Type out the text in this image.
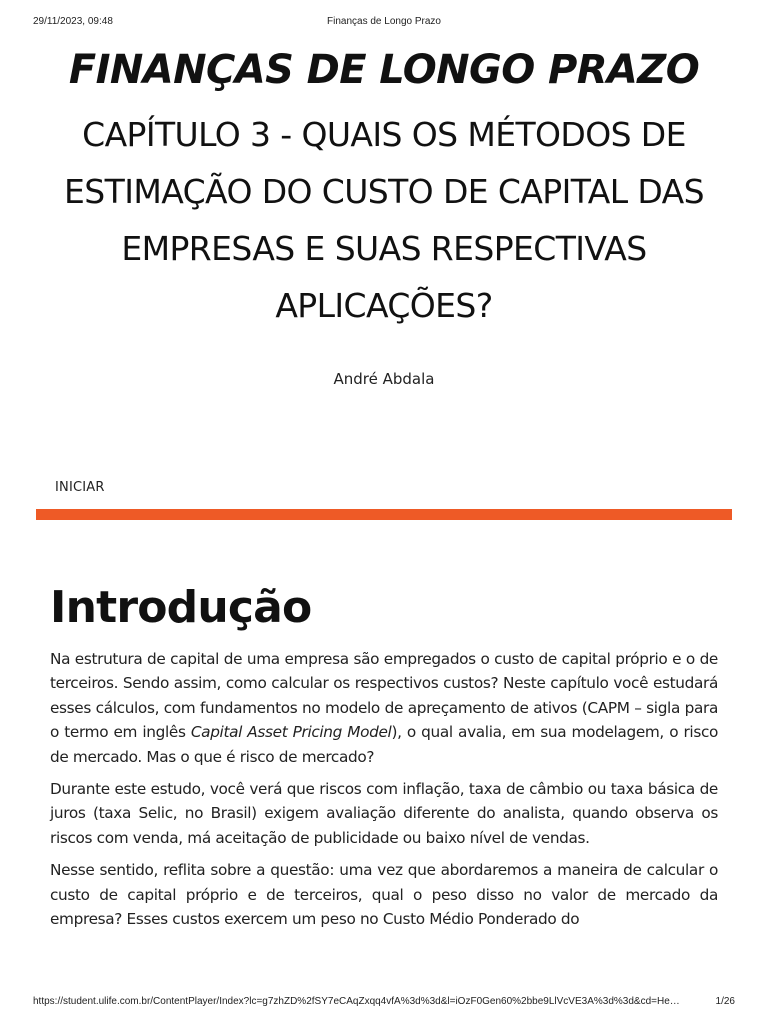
29/11/2023, 09:48	Finanças de Longo Prazo
FINANÇAS DE LONGO PRAZO
CAPÍTULO 3 - QUAIS OS MÉTODOS DE ESTIMAÇÃO DO CUSTO DE CAPITAL DAS EMPRESAS E SUAS RESPECTIVAS APLICAÇÕES?
André Abdala
INICIAR
Introdução

Na estrutura de capital de uma empresa são empregados o custo de capital próprio e o de terceiros. Sendo assim, como calcular os respectivos custos? Neste capítulo você estudará esses cálculos, com fundamentos no modelo de apreçamento de ativos (CAPM – sigla para o termo em inglês Capital Asset Pricing Model), o qual avalia, em sua modelagem, o risco de mercado. Mas o que é risco de mercado?

Durante este estudo, você verá que riscos com inflação, taxa de câmbio ou taxa básica de juros (taxa Selic, no Brasil) exigem avaliação diferente do analista, quando observa os riscos com venda, má aceitação de publicidade ou baixo nível de vendas.

Nesse sentido, reflita sobre a questão: uma vez que abordaremos a maneira de calcular o custo de capital próprio e de terceiros, qual o peso disso no valor de mercado da empresa? Esses custos exercem um peso no Custo Médio Ponderado do

https://student.ulife.com.br/ContentPlayer/Index?lc=g7zhZD%2fSY7eCAqZxqq4vfA%3d%3d&l=iOzF0Gen60%2bbe9LlVcVE3A%3d%3d&cd=He…	1/26
